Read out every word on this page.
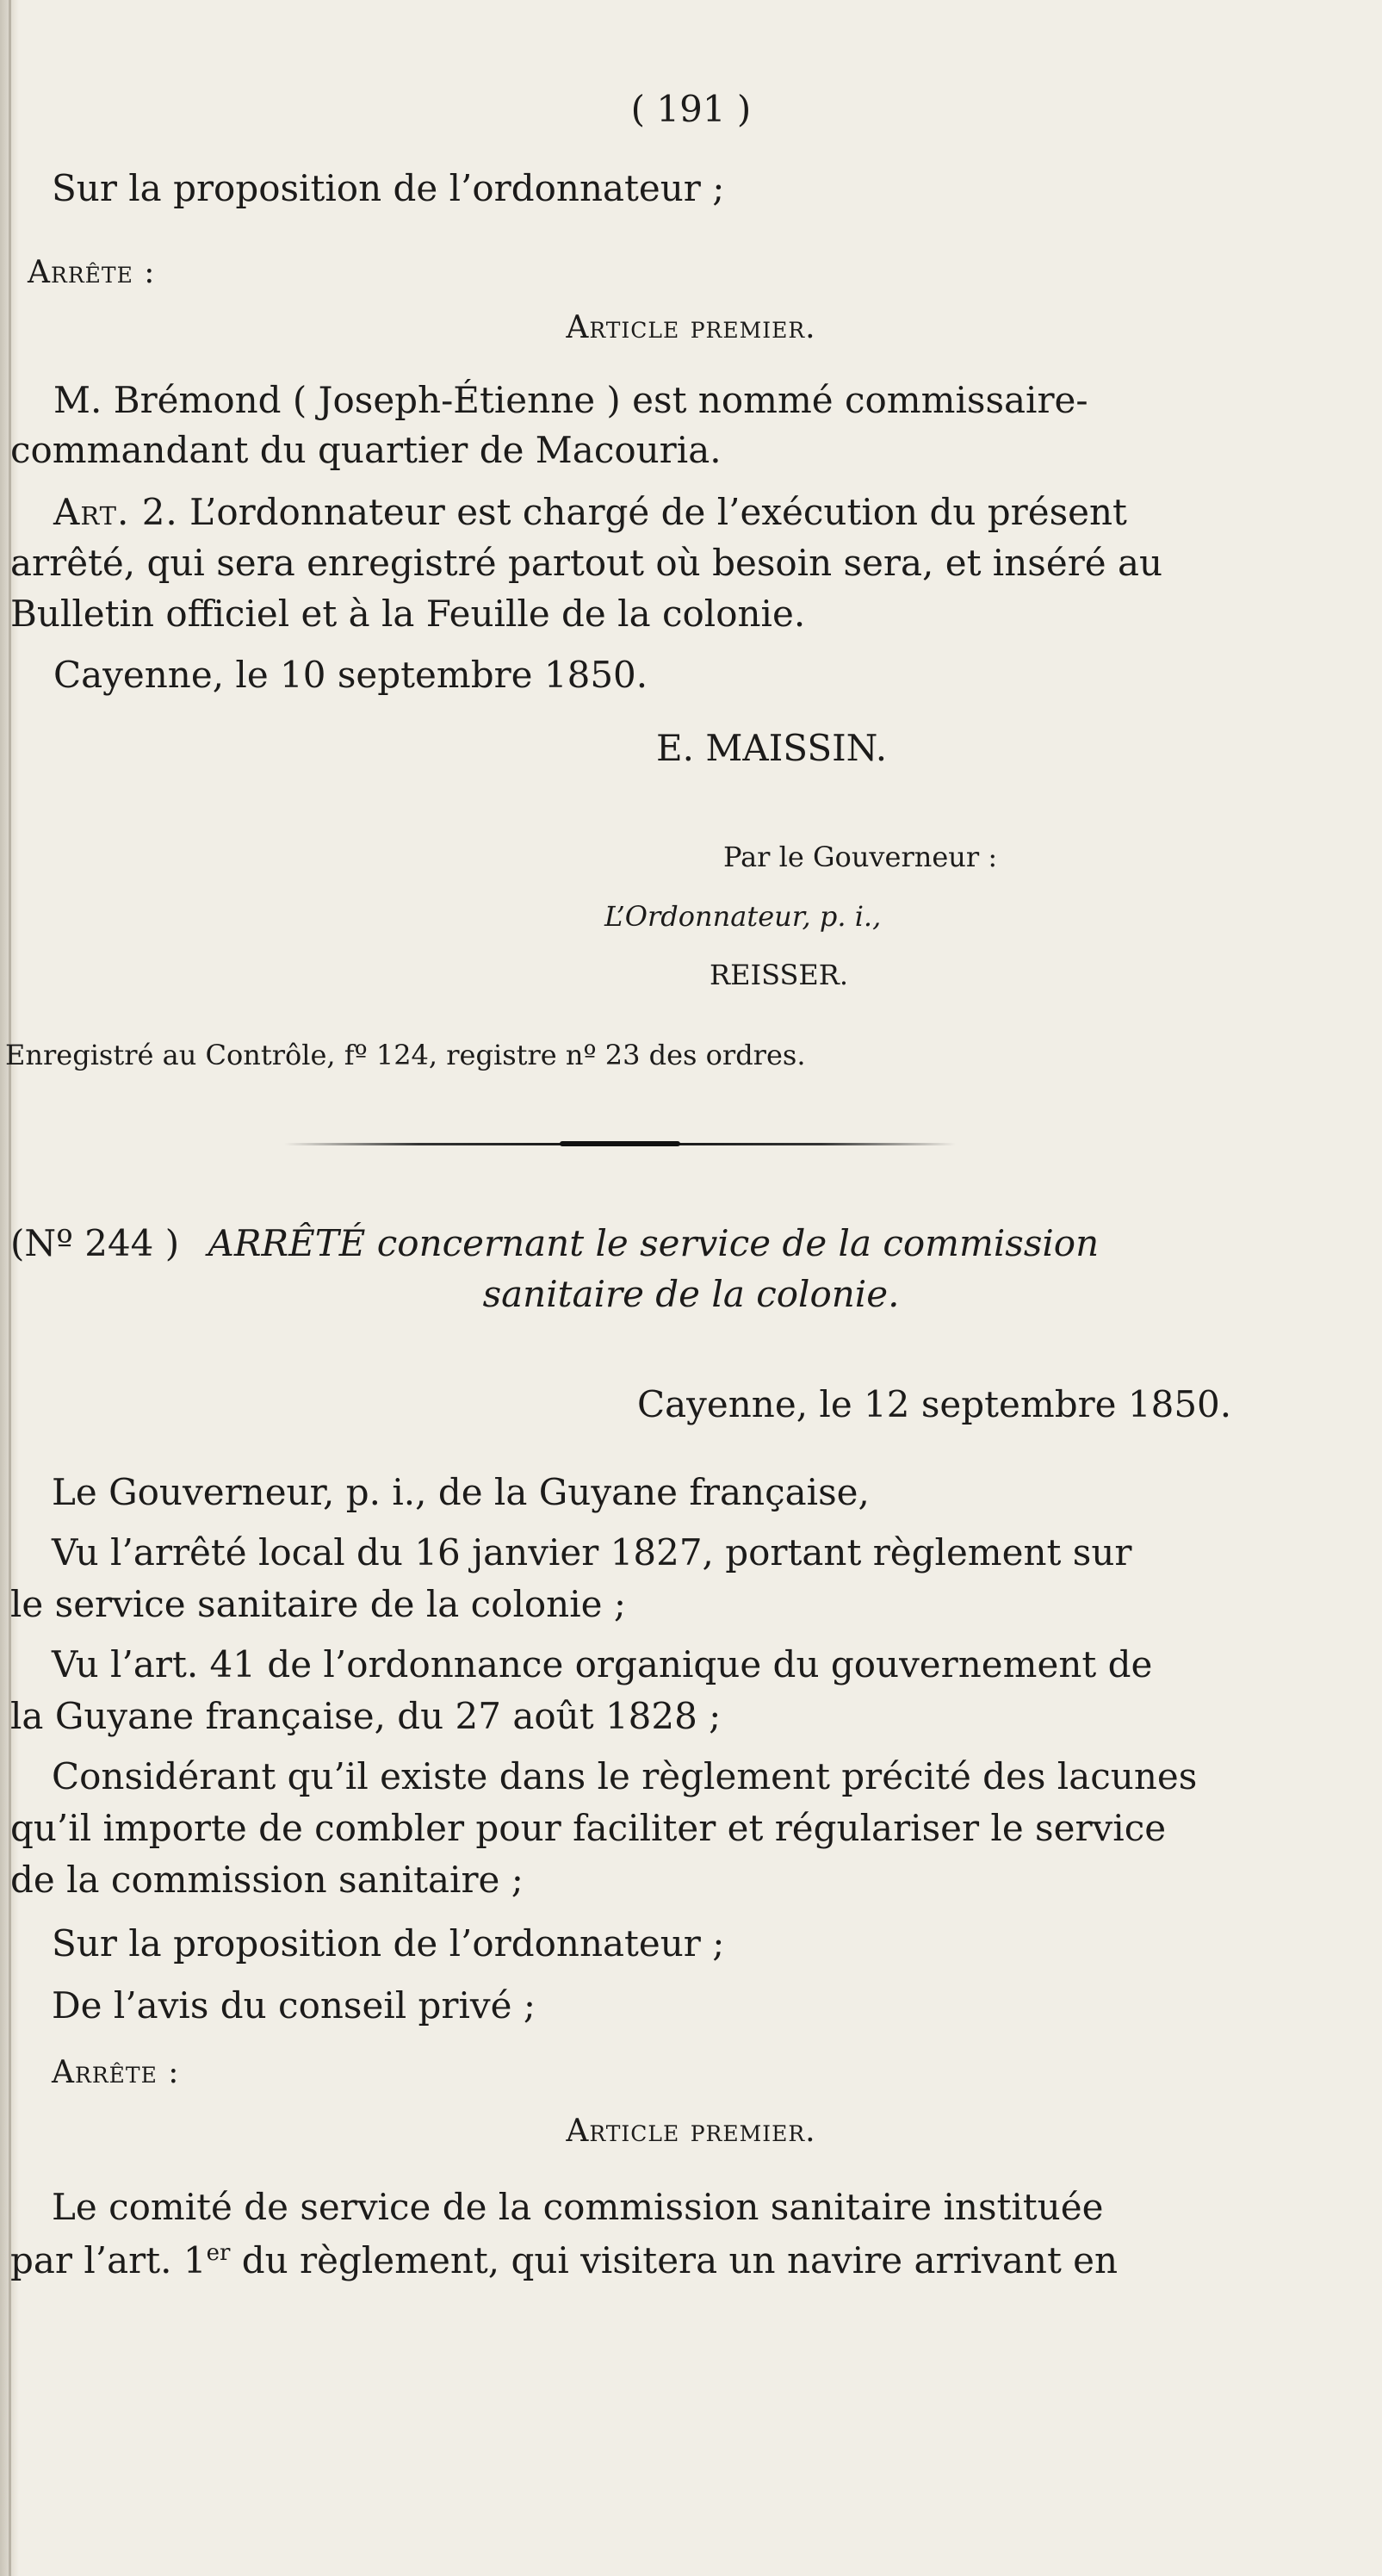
( 191 )
Sur la proposition de l’ordonnateur ;
Arrête :
Article premier.
M. Brémond ( Joseph-Étienne ) est nommé commissaire-
commandant du quartier de Macouria.
Art. 2. L’ordonnateur est chargé de l’exécution du présent
arrêté, qui sera enregistré partout où besoin sera, et inséré au
Bulletin officiel et à la Feuille de la colonie.
Cayenne, le 10 septembre 1850.
E. MAISSIN.
Par le Gouverneur :
L’Ordonnateur, p. i.,
REISSER.
Enregistré au Contrôle, fº 124, registre nº 23 des ordres.
(Nº 244 ) ARRÊTÉ concernant le service de la commission
sanitaire de la colonie.
Cayenne, le 12 septembre 1850.
Le Gouverneur, p. i., de la Guyane française,
Vu l’arrêté local du 16 janvier 1827, portant règlement sur
le service sanitaire de la colonie ;
Vu l’art. 41 de l’ordonnance organique du gouvernement de
la Guyane française, du 27 août 1828 ;
Considérant qu’il existe dans le règlement précité des lacunes
qu’il importe de combler pour faciliter et régulariser le service
de la commission sanitaire ;
Sur la proposition de l’ordonnateur ;
De l’avis du conseil privé ;
Arrête :
Article premier.
Le comité de service de la commission sanitaire instituée
par l’art. 1er du règlement, qui visitera un navire arrivant en
